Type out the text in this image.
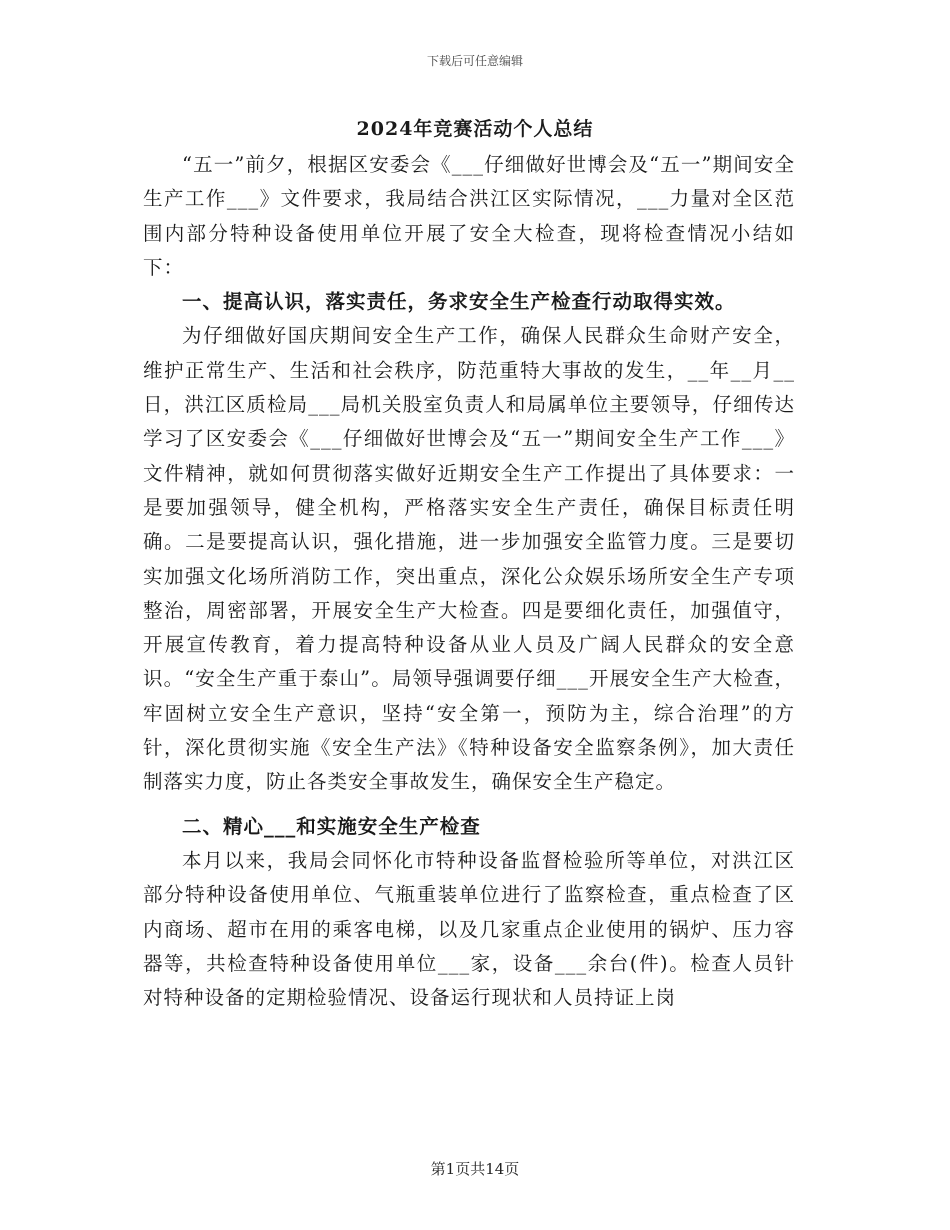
下载后可任意编辑
2024年竞赛活动个人总结

“五一”前夕，根据区安委会《___仔细做好世博会及“五一”期间安全生产工作___》文件要求，我局结合洪江区实际情况，___力量对全区范围内部分特种设备使用单位开展了安全大检查，现将检查情况小结如下：

一、提高认识，落实责任，务求安全生产检查行动取得实效。

为仔细做好国庆期间安全生产工作，确保人民群众生命财产安全，维护正常生产、生活和社会秩序，防范重特大事故的发生，__年__月__日，洪江区质检局___局机关股室负责人和局属单位主要领导，仔细传达学习了区安委会《___仔细做好世博会及“五一”期间安全生产工作___》文件精神，就如何贯彻落实做好近期安全生产工作提出了具体要求：一是要加强领导，健全机构，严格落实安全生产责任，确保目标责任明确。二是要提高认识，强化措施，进一步加强安全监管力度。三是要切实加强文化场所消防工作，突出重点，深化公众娱乐场所安全生产专项整治，周密部署，开展安全生产大检查。四是要细化责任，加强值守，开展宣传教育，着力提高特种设备从业人员及广阔人民群众的安全意识。“安全生产重于泰山”。局领导强调要仔细___开展安全生产大检查，牢固树立安全生产意识，坚持“安全第一，预防为主，综合治理”的方针，深化贯彻实施《安全生产法》《特种设备安全监察条例》，加大责任制落实力度，防止各类安全事故发生，确保安全生产稳定。

二、精心___和实施安全生产检查

本月以来，我局会同怀化市特种设备监督检验所等单位，对洪江区部分特种设备使用单位、气瓶重装单位进行了监察检查，重点检查了区内商场、超市在用的乘客电梯，以及几家重点企业使用的锅炉、压力容器等，共检查特种设备使用单位___家，设备___余台(件)。检查人员针对特种设备的定期检验情况、设备运行现状和人员持证上岗

第1页共14页
